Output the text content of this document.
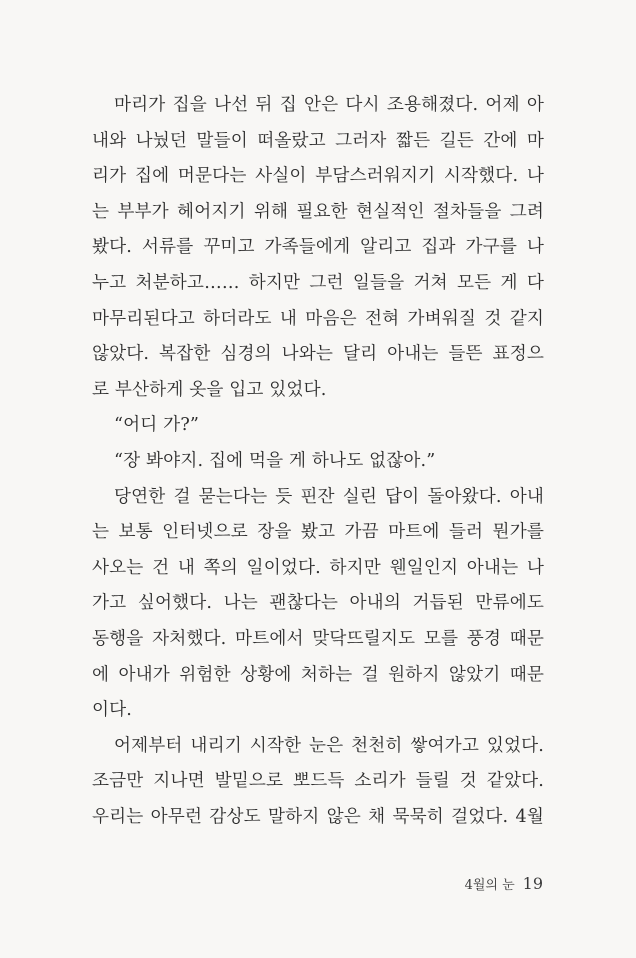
마리가 집을 나선 뒤 집 안은 다시 조용해졌다. 어제 아
내와 나눴던 말들이 떠올랐고 그러자 짧든 길든 간에 마
리가 집에 머문다는 사실이 부담스러워지기 시작했다. 나
는 부부가 헤어지기 위해 필요한 현실적인 절차들을 그려
봤다. 서류를 꾸미고 가족들에게 알리고 집과 가구를 나
누고 처분하고…… 하지만 그런 일들을 거쳐 모든 게 다
마무리된다고 하더라도 내 마음은 전혀 가벼워질 것 같지
않았다. 복잡한 심경의 나와는 달리 아내는 들뜬 표정으
로 부산하게 옷을 입고 있었다.
“어디 가?”
“장 봐야지. 집에 먹을 게 하나도 없잖아.”
당연한 걸 묻는다는 듯 핀잔 실린 답이 돌아왔다. 아내
는 보통 인터넷으로 장을 봤고 가끔 마트에 들러 뭔가를
사오는 건 내 쪽의 일이었다. 하지만 웬일인지 아내는 나
가고 싶어했다. 나는 괜찮다는 아내의 거듭된 만류에도
동행을 자처했다. 마트에서 맞닥뜨릴지도 모를 풍경 때문
에 아내가 위험한 상황에 처하는 걸 원하지 않았기 때문
이다.
어제부터 내리기 시작한 눈은 천천히 쌓여가고 있었다.
조금만 지나면 발밑으로 뽀드득 소리가 들릴 것 같았다.
우리는 아무런 감상도 말하지 않은 채 묵묵히 걸었다. 4월
4월의 눈 19
